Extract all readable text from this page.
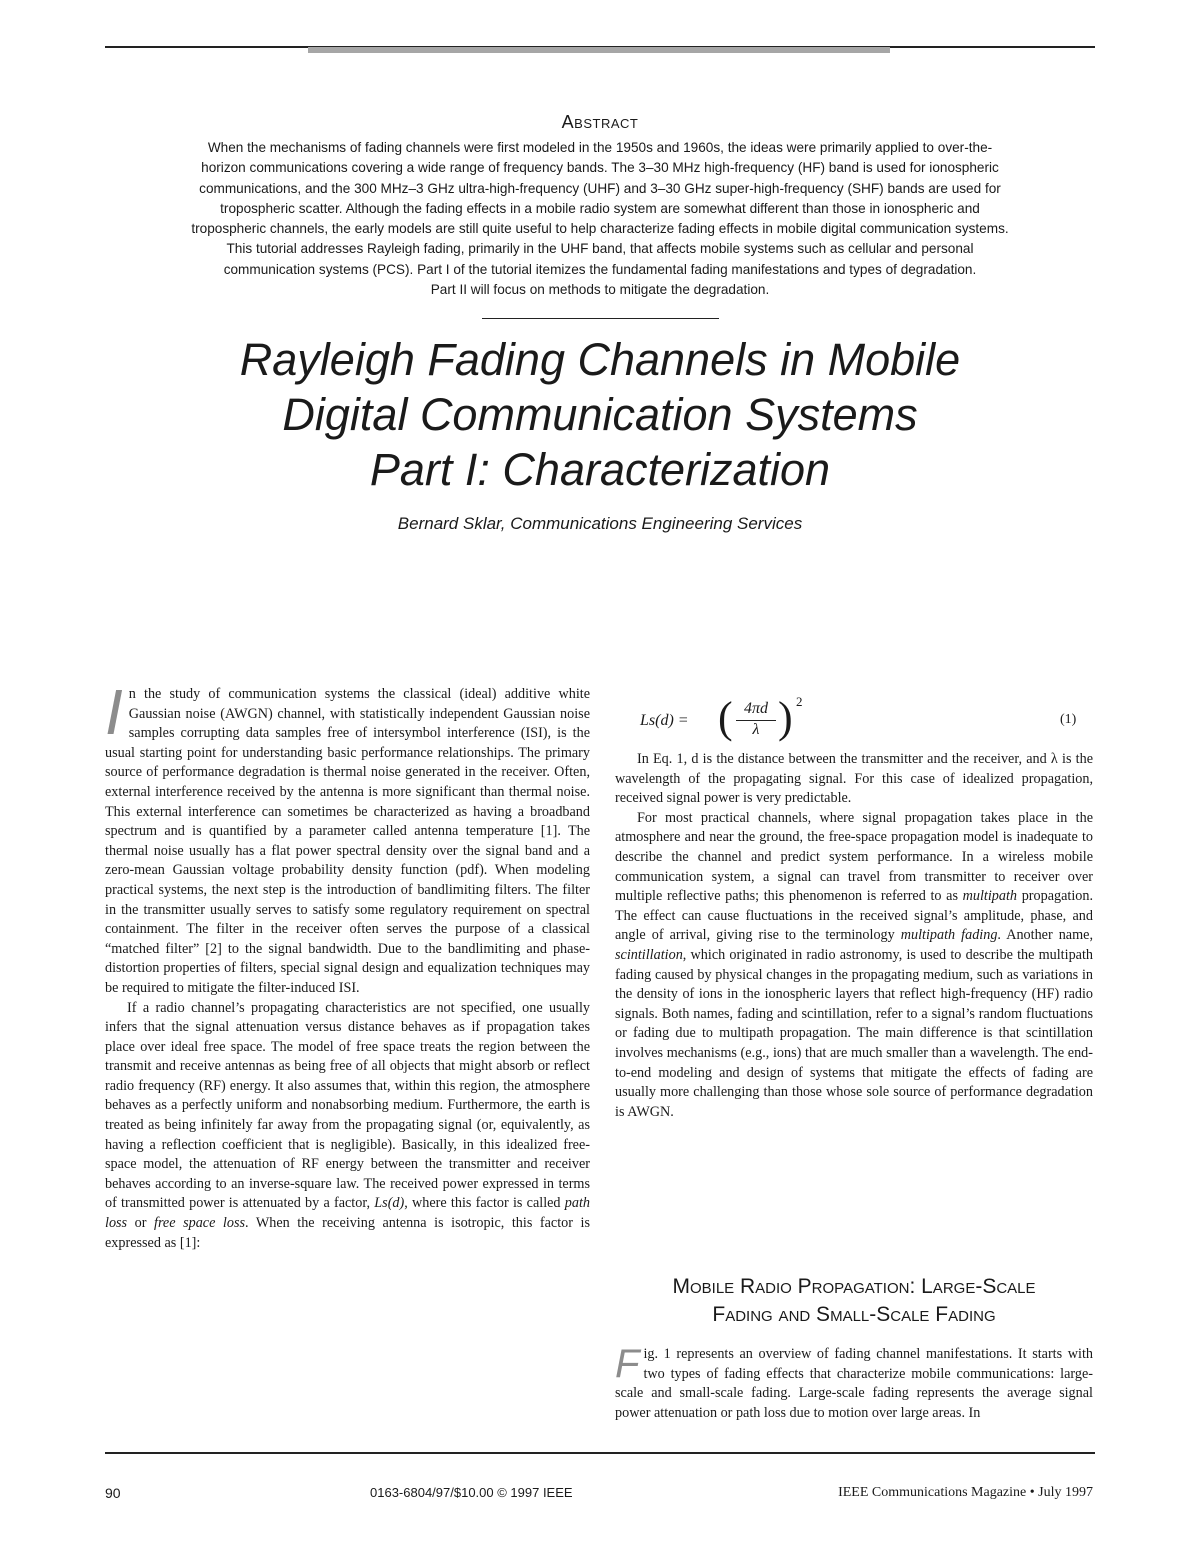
Abstract

When the mechanisms of fading channels were first modeled in the 1950s and 1960s, the ideas were primarily applied to over-the-

horizon communications covering a wide range of frequency bands. The 3–30 MHz high-frequency (HF) band is used for ionospheric

communications, and the 300 MHz–3 GHz ultra-high-frequency (UHF) and 3–30 GHz super-high-frequency (SHF) bands are used for

tropospheric scatter. Although the fading effects in a mobile radio system are somewhat different than those in ionospheric and

tropospheric channels, the early models are still quite useful to help characterize fading effects in mobile digital communication systems.

This tutorial addresses Rayleigh fading, primarily in the UHF band, that affects mobile systems such as cellular and personal

communication systems (PCS). Part I of the tutorial itemizes the fundamental fading manifestations and types of degradation.

Part II will focus on methods to mitigate the degradation.

Rayleigh Fading Channels in Mobile
Digital Communication Systems
Part I: Characterization
Bernard Sklar, Communications Engineering Services

In the study of communication systems the classical (ideal) additive white Gaussian noise (AWGN) channel, with statistically independent Gaussian noise samples corrupting data samples free of intersymbol interference (ISI), is the usual starting point for understanding basic performance relationships. The primary source of performance degradation is thermal noise generated in the receiver. Often, external interference received by the antenna is more significant than thermal noise. This external interference can sometimes be characterized as having a broadband spectrum and is quantified by a parameter called antenna temperature [1]. The thermal noise usually has a flat power spectral density over the signal band and a zero-mean Gaussian voltage probability density function (pdf). When modeling practical systems, the next step is the introduction of bandlimiting filters. The filter in the transmitter usually serves to satisfy some regulatory requirement on spectral containment. The filter in the receiver often serves the purpose of a classical “matched filter” [2] to the signal bandwidth. Due to the bandlimiting and phase-distortion properties of filters, special signal design and equalization techniques may be required to mitigate the filter-induced ISI.

If a radio channel’s propagating characteristics are not specified, one usually infers that the signal attenuation versus distance behaves as if propagation takes place over ideal free space. The model of free space treats the region between the transmit and receive antennas as being free of all objects that might absorb or reflect radio frequency (RF) energy. It also assumes that, within this region, the atmosphere behaves as a perfectly uniform and nonabsorbing medium. Furthermore, the earth is treated as being infinitely far away from the propagating signal (or, equivalently, as having a reflection coefficient that is negligible). Basically, in this idealized free-space model, the attenuation of RF energy between the transmitter and receiver behaves according to an inverse-square law. The received power expressed in terms of transmitted power is attenuated by a factor, Ls(d), where this factor is called path loss or free space loss. When the receiving antenna is isotropic, this factor is expressed as [1]:

Ls(d) = ( 4πd
λ ) 2
(1)

In Eq. 1, d is the distance between the transmitter and the receiver, and λ is the wavelength of the propagating signal. For this case of idealized propagation, received signal power is very predictable.

For most practical channels, where signal propagation takes place in the atmosphere and near the ground, the free-space propagation model is inadequate to describe the channel and predict system performance. In a wireless mobile communication system, a signal can travel from transmitter to receiver over multiple reflective paths; this phenomenon is referred to as multipath propagation. The effect can cause fluctuations in the received signal’s amplitude, phase, and angle of arrival, giving rise to the terminology multipath fading. Another name, scintillation, which originated in radio astronomy, is used to describe the multipath fading caused by physical changes in the propagating medium, such as variations in the density of ions in the ionospheric layers that reflect high-frequency (HF) radio signals. Both names, fading and scintillation, refer to a signal’s random fluctuations or fading due to multipath propagation. The main difference is that scintillation involves mechanisms (e.g., ions) that are much smaller than a wavelength. The end-to-end modeling and design of systems that mitigate the effects of fading are usually more challenging than those whose sole source of performance degradation is AWGN.

Mobile Radio Propagation: Large-Scale
Fading and Small-Scale Fading

Fig. 1 represents an overview of fading channel manifestations. It starts with two types of fading effects that characterize mobile communications: large-scale and small-scale fading. Large-scale fading represents the average signal power attenuation or path loss due to motion over large areas. In

90	0163-6804/97/$10.00 © 1997 IEEE	IEEE Communications Magazine • July 1997
